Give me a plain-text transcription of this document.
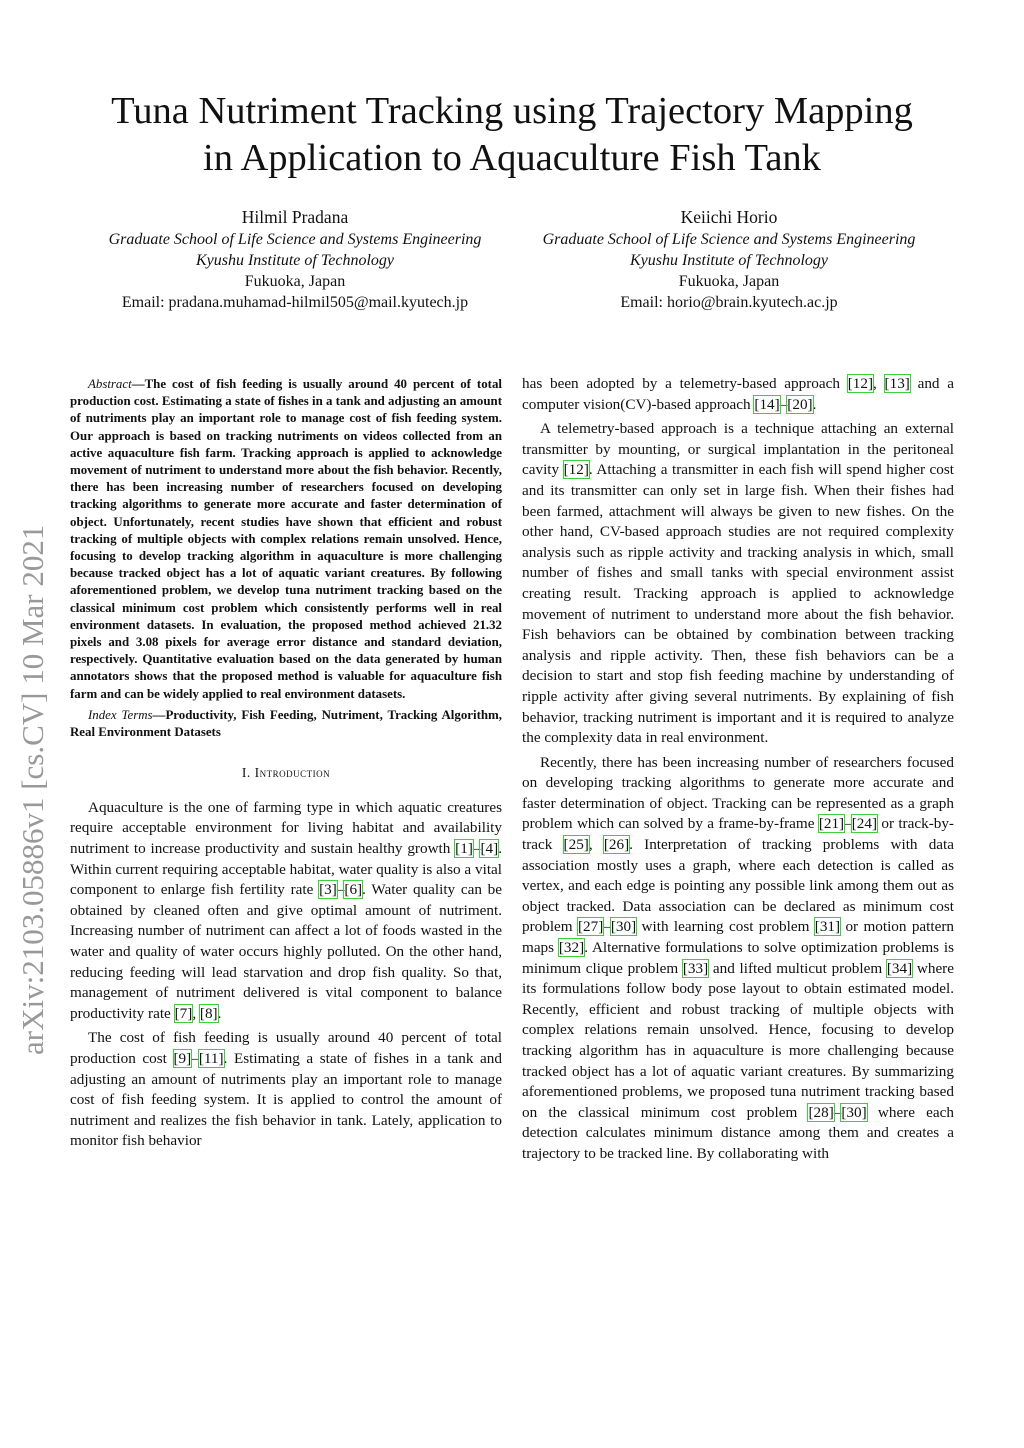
Tuna Nutriment Tracking using Trajectory Mapping
in Application to Aquaculture Fish Tank
Hilmil Pradana
Graduate School of Life Science and Systems Engineering
Kyushu Institute of Technology
Fukuoka, Japan
Email: pradana.muhamad-hilmil505@mail.kyutech.jp
Keiichi Horio
Graduate School of Life Science and Systems Engineering
Kyushu Institute of Technology
Fukuoka, Japan
Email: horio@brain.kyutech.ac.jp
arXiv:2103.05886v1 [cs.CV] 10 Mar 2021

Abstract—The cost of fish feeding is usually around 40 percent of total production cost. Estimating a state of fishes in a tank and adjusting an amount of nutriments play an important role to manage cost of fish feeding system. Our approach is based on tracking nutriments on videos collected from an active aquaculture fish farm. Tracking approach is applied to acknowledge movement of nutriment to understand more about the fish behavior. Recently, there has been increasing number of researchers focused on developing tracking algorithms to generate more accurate and faster determination of object. Unfortunately, recent studies have shown that efficient and robust tracking of multiple objects with complex relations remain unsolved. Hence, focusing to develop tracking algorithm in aquaculture is more challenging because tracked object has a lot of aquatic variant creatures. By following aforementioned problem, we develop tuna nutriment tracking based on the classical minimum cost problem which consistently performs well in real environment datasets. In evaluation, the proposed method achieved 21.32 pixels and 3.08 pixels for average error distance and standard deviation, respectively. Quantitative evaluation based on the data generated by human annotators shows that the proposed method is valuable for aquaculture fish farm and can be widely applied to real environment datasets.

Index Terms—Productivity, Fish Feeding, Nutriment, Tracking Algorithm, Real Environment Datasets

I. Introduction

Aquaculture is the one of farming type in which aquatic creatures require acceptable environment for living habitat and availability nutriment to increase productivity and sustain healthy growth [1]–[4]. Within current requiring acceptable habitat, water quality is also a vital component to enlarge fish fertility rate [3]–[6]. Water quality can be obtained by cleaned often and give optimal amount of nutriment. Increasing number of nutriment can affect a lot of foods wasted in the water and quality of water occurs highly polluted. On the other hand, reducing feeding will lead starvation and drop fish quality. So that, management of nutriment delivered is vital component to balance productivity rate [7], [8].

The cost of fish feeding is usually around 40 percent of total production cost [9]–[11]. Estimating a state of fishes in a tank and adjusting an amount of nutriments play an important role to manage cost of fish feeding system. It is applied to control the amount of nutriment and realizes the fish behavior in tank. Lately, application to monitor fish behavior

has been adopted by a telemetry-based approach [12], [13] and a computer vision(CV)-based approach [14]–[20].

A telemetry-based approach is a technique attaching an external transmitter by mounting, or surgical implantation in the peritoneal cavity [12]. Attaching a transmitter in each fish will spend higher cost and its transmitter can only set in large fish. When their fishes had been farmed, attachment will always be given to new fishes. On the other hand, CV-based approach studies are not required complexity analysis such as ripple activity and tracking analysis in which, small number of fishes and small tanks with special environment assist creating result. Tracking approach is applied to acknowledge movement of nutriment to understand more about the fish behavior. Fish behaviors can be obtained by combination between tracking analysis and ripple activity. Then, these fish behaviors can be a decision to start and stop fish feeding machine by understanding of ripple activity after giving several nutriments. By explaining of fish behavior, tracking nutriment is important and it is required to analyze the complexity data in real environment.

Recently, there has been increasing number of researchers focused on developing tracking algorithms to generate more accurate and faster determination of object. Tracking can be represented as a graph problem which can solved by a frame-by-frame [21]–[24] or track-by-track [25], [26]. Interpretation of tracking problems with data association mostly uses a graph, where each detection is called as vertex, and each edge is pointing any possible link among them out as object tracked. Data association can be declared as minimum cost problem [27]–[30] with learning cost problem [31] or motion pattern maps [32]. Alternative formulations to solve optimization problems is minimum clique problem [33] and lifted multicut problem [34] where its formulations follow body pose layout to obtain estimated model. Recently, efficient and robust tracking of multiple objects with complex relations remain unsolved. Hence, focusing to develop tracking algorithm has in aquaculture is more challenging because tracked object has a lot of aquatic variant creatures. By summarizing aforementioned problems, we proposed tuna nutriment tracking based on the classical minimum cost problem [28]–[30] where each detection calculates minimum distance among them and creates a trajectory to be tracked line. By collaborating with
